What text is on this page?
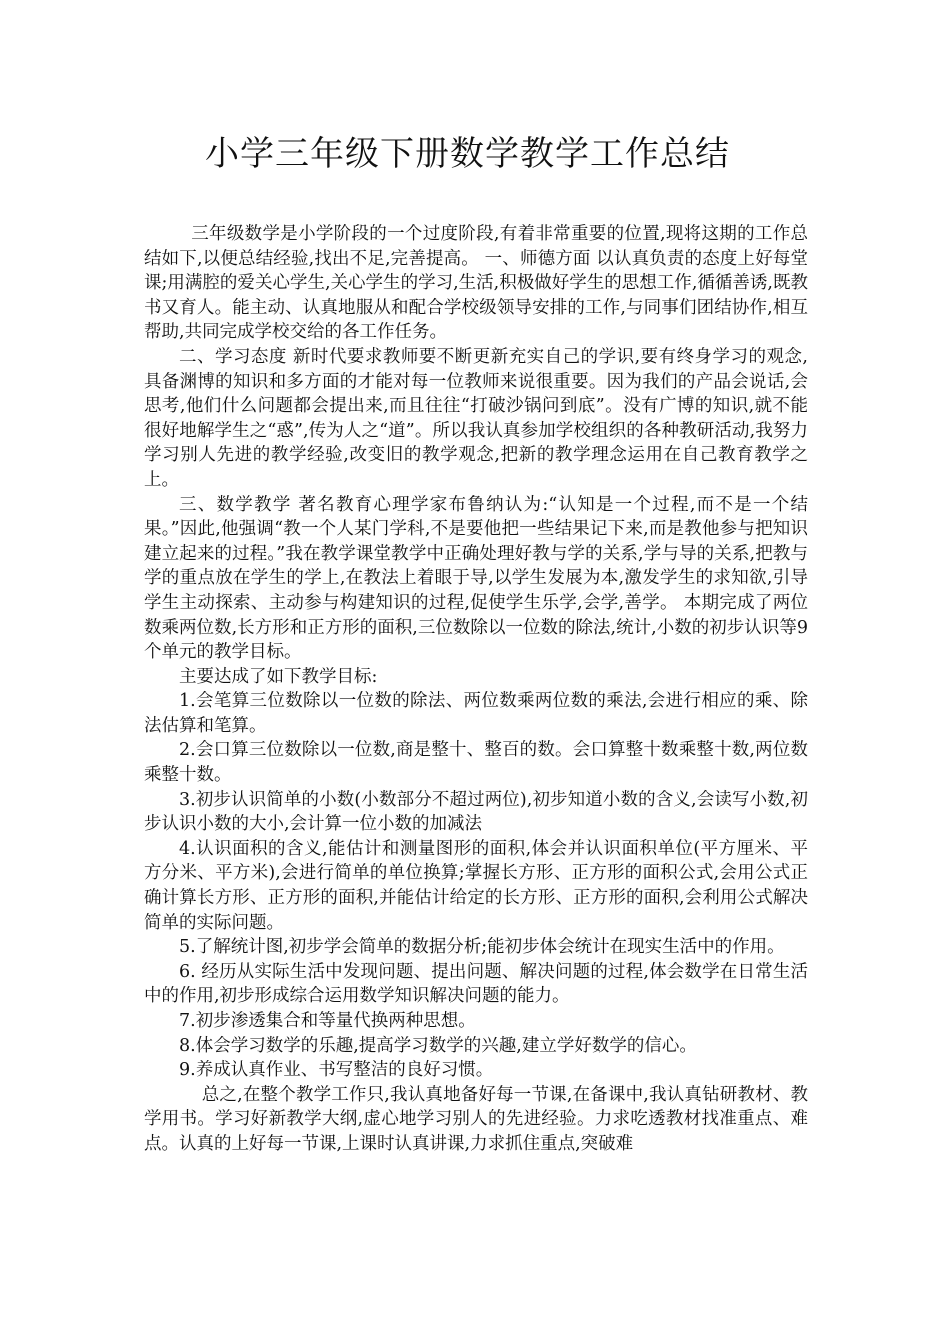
小学三年级下册数学教学工作总结

三年级数学是小学阶段的一个过度阶段,有着非常重要的位置,现将这期的工作总结如下,以便总结经验,找出不足,完善提高。 一、师德方面 以认真负责的态度上好每堂课;用满腔的爱关心学生,关心学生的学习,生活,积极做好学生的思想工作,循循善诱,既教书又育人。能主动、认真地服从和配合学校级领导安排的工作,与同事们团结协作,相互帮助,共同完成学校交给的各工作任务。

二、学习态度 新时代要求教师要不断更新充实自己的学识,要有终身学习的观念,具备渊博的知识和多方面的才能对每一位教师来说很重要。因为我们的产品会说话,会思考,他们什么问题都会提出来,而且往往“打破沙锅问到底”。没有广博的知识,就不能很好地解学生之“惑”,传为人之“道”。所以我认真参加学校组织的各种教研活动,我努力学习别人先进的教学经验,改变旧的教学观念,把新的教学理念运用在自己教育教学之上。

三、数学教学 著名教育心理学家布鲁纳认为:“认知是一个过程,而不是一个结果。”因此,他强调“教一个人某门学科,不是要他把一些结果记下来,而是教他参与把知识建立起来的过程。”我在教学课堂教学中正确处理好教与学的关系,学与导的关系,把教与学的重点放在学生的学上,在教法上着眼于导,以学生发展为本,激发学生的求知欲,引导学生主动探索、主动参与构建知识的过程,促使学生乐学,会学,善学。 本期完成了两位数乘两位数,长方形和正方形的面积,三位数除以一位数的除法,统计,小数的初步认识等9个单元的教学目标。

主要达成了如下教学目标:

1.会笔算三位数除以一位数的除法、两位数乘两位数的乘法,会进行相应的乘、除法估算和笔算。

2.会口算三位数除以一位数,商是整十、整百的数。会口算整十数乘整十数,两位数乘整十数。

3.初步认识简单的小数(小数部分不超过两位),初步知道小数的含义,会读写小数,初步认识小数的大小,会计算一位小数的加减法

4.认识面积的含义,能估计和测量图形的面积,体会并认识面积单位(平方厘米、平方分米、平方米),会进行简单的单位换算;掌握长方形、正方形的面积公式,会用公式正确计算长方形、正方形的面积,并能估计给定的长方形、正方形的面积,会利用公式解决简单的实际问题。

5.了解统计图,初步学会简单的数据分析;能初步体会统计在现实生活中的作用。

6. 经历从实际生活中发现问题、提出问题、解决问题的过程,体会数学在日常生活中的作用,初步形成综合运用数学知识解决问题的能力。

7.初步渗透集合和等量代换两种思想。

8.体会学习数学的乐趣,提高学习数学的兴趣,建立学好数学的信心。

9.养成认真作业、书写整洁的良好习惯。

总之,在整个教学工作只,我认真地备好每一节课,在备课中,我认真钻研教材、教学用书。学习好新教学大纲,虚心地学习别人的先进经验。力求吃透教材找准重点、难点。认真的上好每一节课,上课时认真讲课,力求抓住重点,突破难
